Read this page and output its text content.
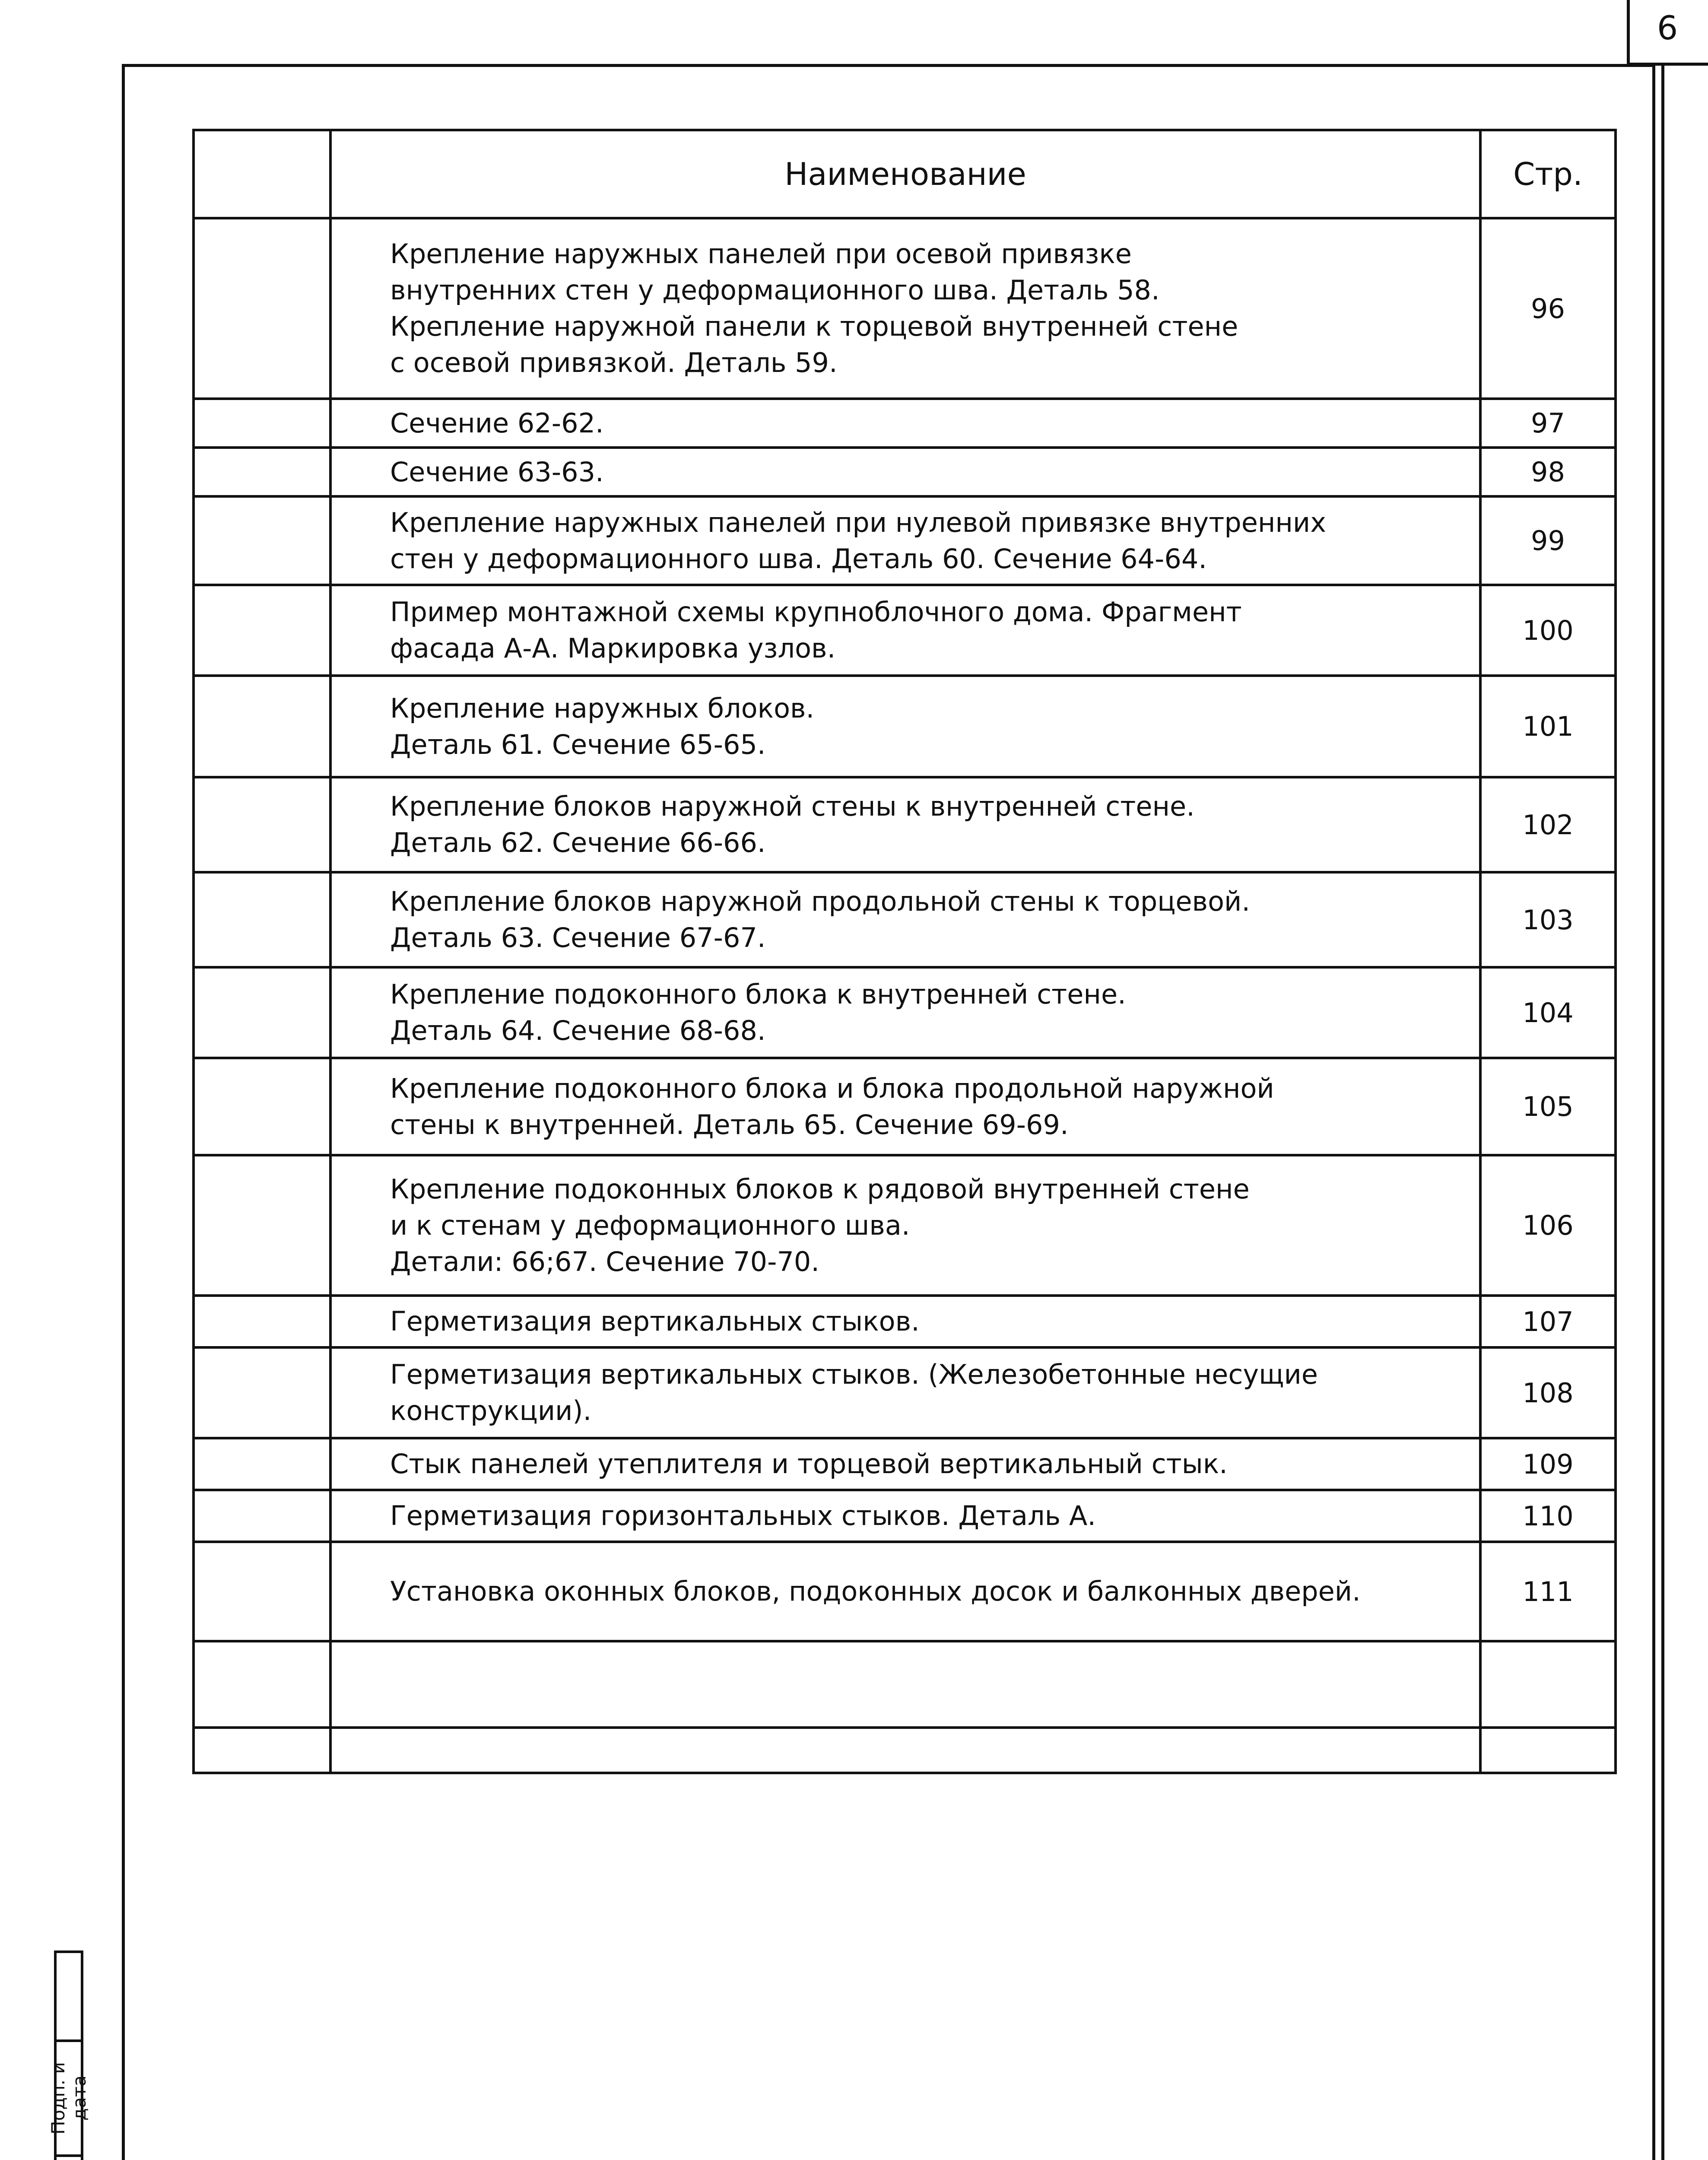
6
	Наименование	Стр.

	Крепление наружных панелей при осевой привязке
внутренних стен у деформационного шва. Деталь 58.
Крепление наружной панели к торцевой внутренней стене
с осевой привязкой. Деталь 59.	96

	Сечение 62-62.	97

	Сечение 63-63.	98

	Крепление наружных панелей при нулевой привязке внутренних
стен у деформационного шва. Деталь 60. Сечение 64-64.	99

	Пример монтажной схемы крупноблочного дома. Фрагмент
фасада А-А. Маркировка узлов.	100

	Крепление наружных блоков.
Деталь 61. Сечение 65-65.	101

	Крепление блоков наружной стены к внутренней стене.
Деталь 62. Сечение 66-66.	102

	Крепление блоков наружной продольной стены к торцевой.
Деталь 63. Сечение 67-67.	103

	Крепление подоконного блока к внутренней стене.
Деталь 64. Сечение 68-68.	104

	Крепление подоконного блока и блока продольной наружной
стены к внутренней. Деталь 65. Сечение 69-69.	105

	Крепление подоконных блоков к рядовой внутренней стене
и к стенам у деформационного шва.
Детали: 66;67. Сечение 70-70.	106

	Герметизация вертикальных стыков.	107

	Герметизация вертикальных стыков. (Железобетонные несущие
конструкции).	108

	Стык панелей утеплителя и торцевой вертикальный стык.	109

	Герметизация горизонтальных стыков. Деталь А.	110

	Установка оконных блоков, подоконных досок и балконных дверей.	111

Подп. и дата
